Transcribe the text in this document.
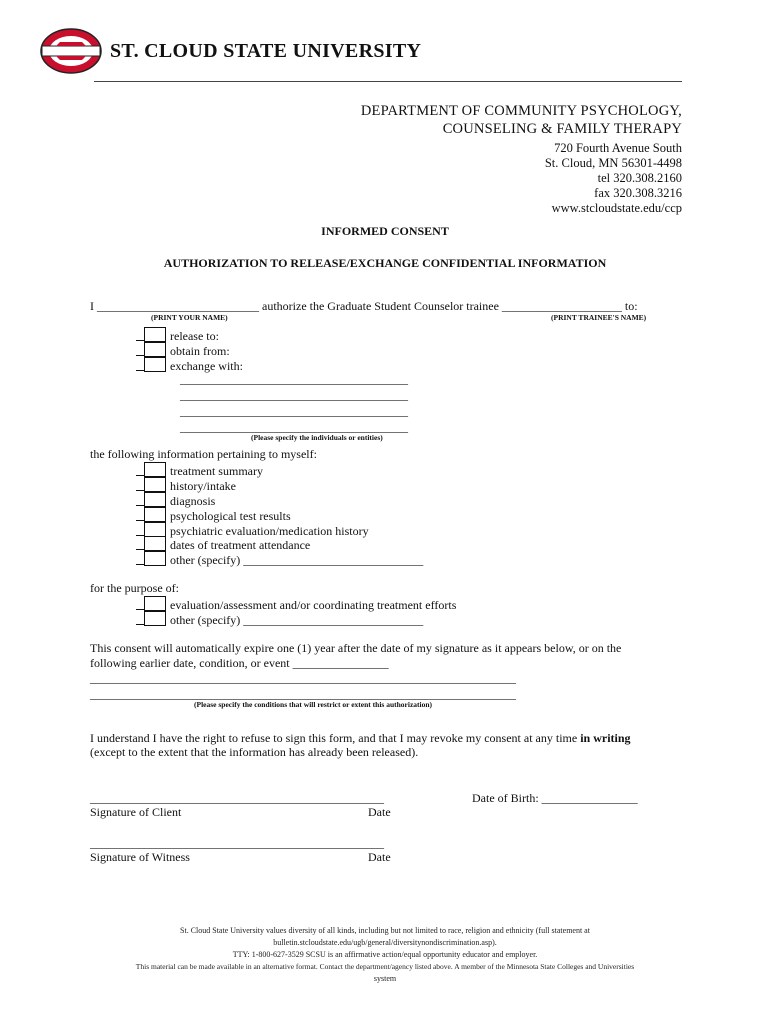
ST. CLOUD STATE UNIVERSITY
DEPARTMENT OF COMMUNITY PSYCHOLOGY,
COUNSELING & FAMILY THERAPY
720 Fourth Avenue South
St. Cloud, MN 56301-4498
tel 320.308.2160
fax 320.308.3216
www.stcloudstate.edu/ccp
INFORMED CONSENT
AUTHORIZATION TO RELEASE/EXCHANGE CONFIDENTIAL INFORMATION
I ___________________________ authorize the Graduate Student Counselor trainee ____________________ to:
(PRINT YOUR NAME)	(PRINT TRAINEE'S NAME)
release to:
obtain from:
exchange with:
______________________________________
______________________________________
______________________________________
______________________________________
(Please specify the individuals or entities)
the following information pertaining to myself:
treatment summary
history/intake
diagnosis
psychological test results
psychiatric evaluation/medication history
dates of treatment attendance
other (specify) ______________________________
for the purpose of:
evaluation/assessment and/or coordinating treatment efforts
other (specify) ______________________________
This consent will automatically expire one (1) year after the date of my signature as it appears below, or on the
following earlier date, condition, or event ________________
_______________________________________________________________________
_______________________________________________________________________
(Please specify the conditions that will restrict or extent this authorization)
I understand I have the right to refuse to sign this form, and that I may revoke my consent at any time in writing
(except to the extent that the information has already been released).
_________________________________________________	Date of Birth: ________________
Signature of Client	Date
_________________________________________________
Signature of Witness	Date
St. Cloud State University values diversity of all kinds, including but not limited to race, religion and ethnicity (full statement at
bulletin.stcloudstate.edu/ugb/general/diversitynondiscrimination.asp).
TTY: 1-800-627-3529 SCSU is an affirmative action/equal opportunity educator and employer.
This material can be made available in an alternative format. Contact the department/agency listed above. A member of the Minnesota State Colleges and Universities
system
